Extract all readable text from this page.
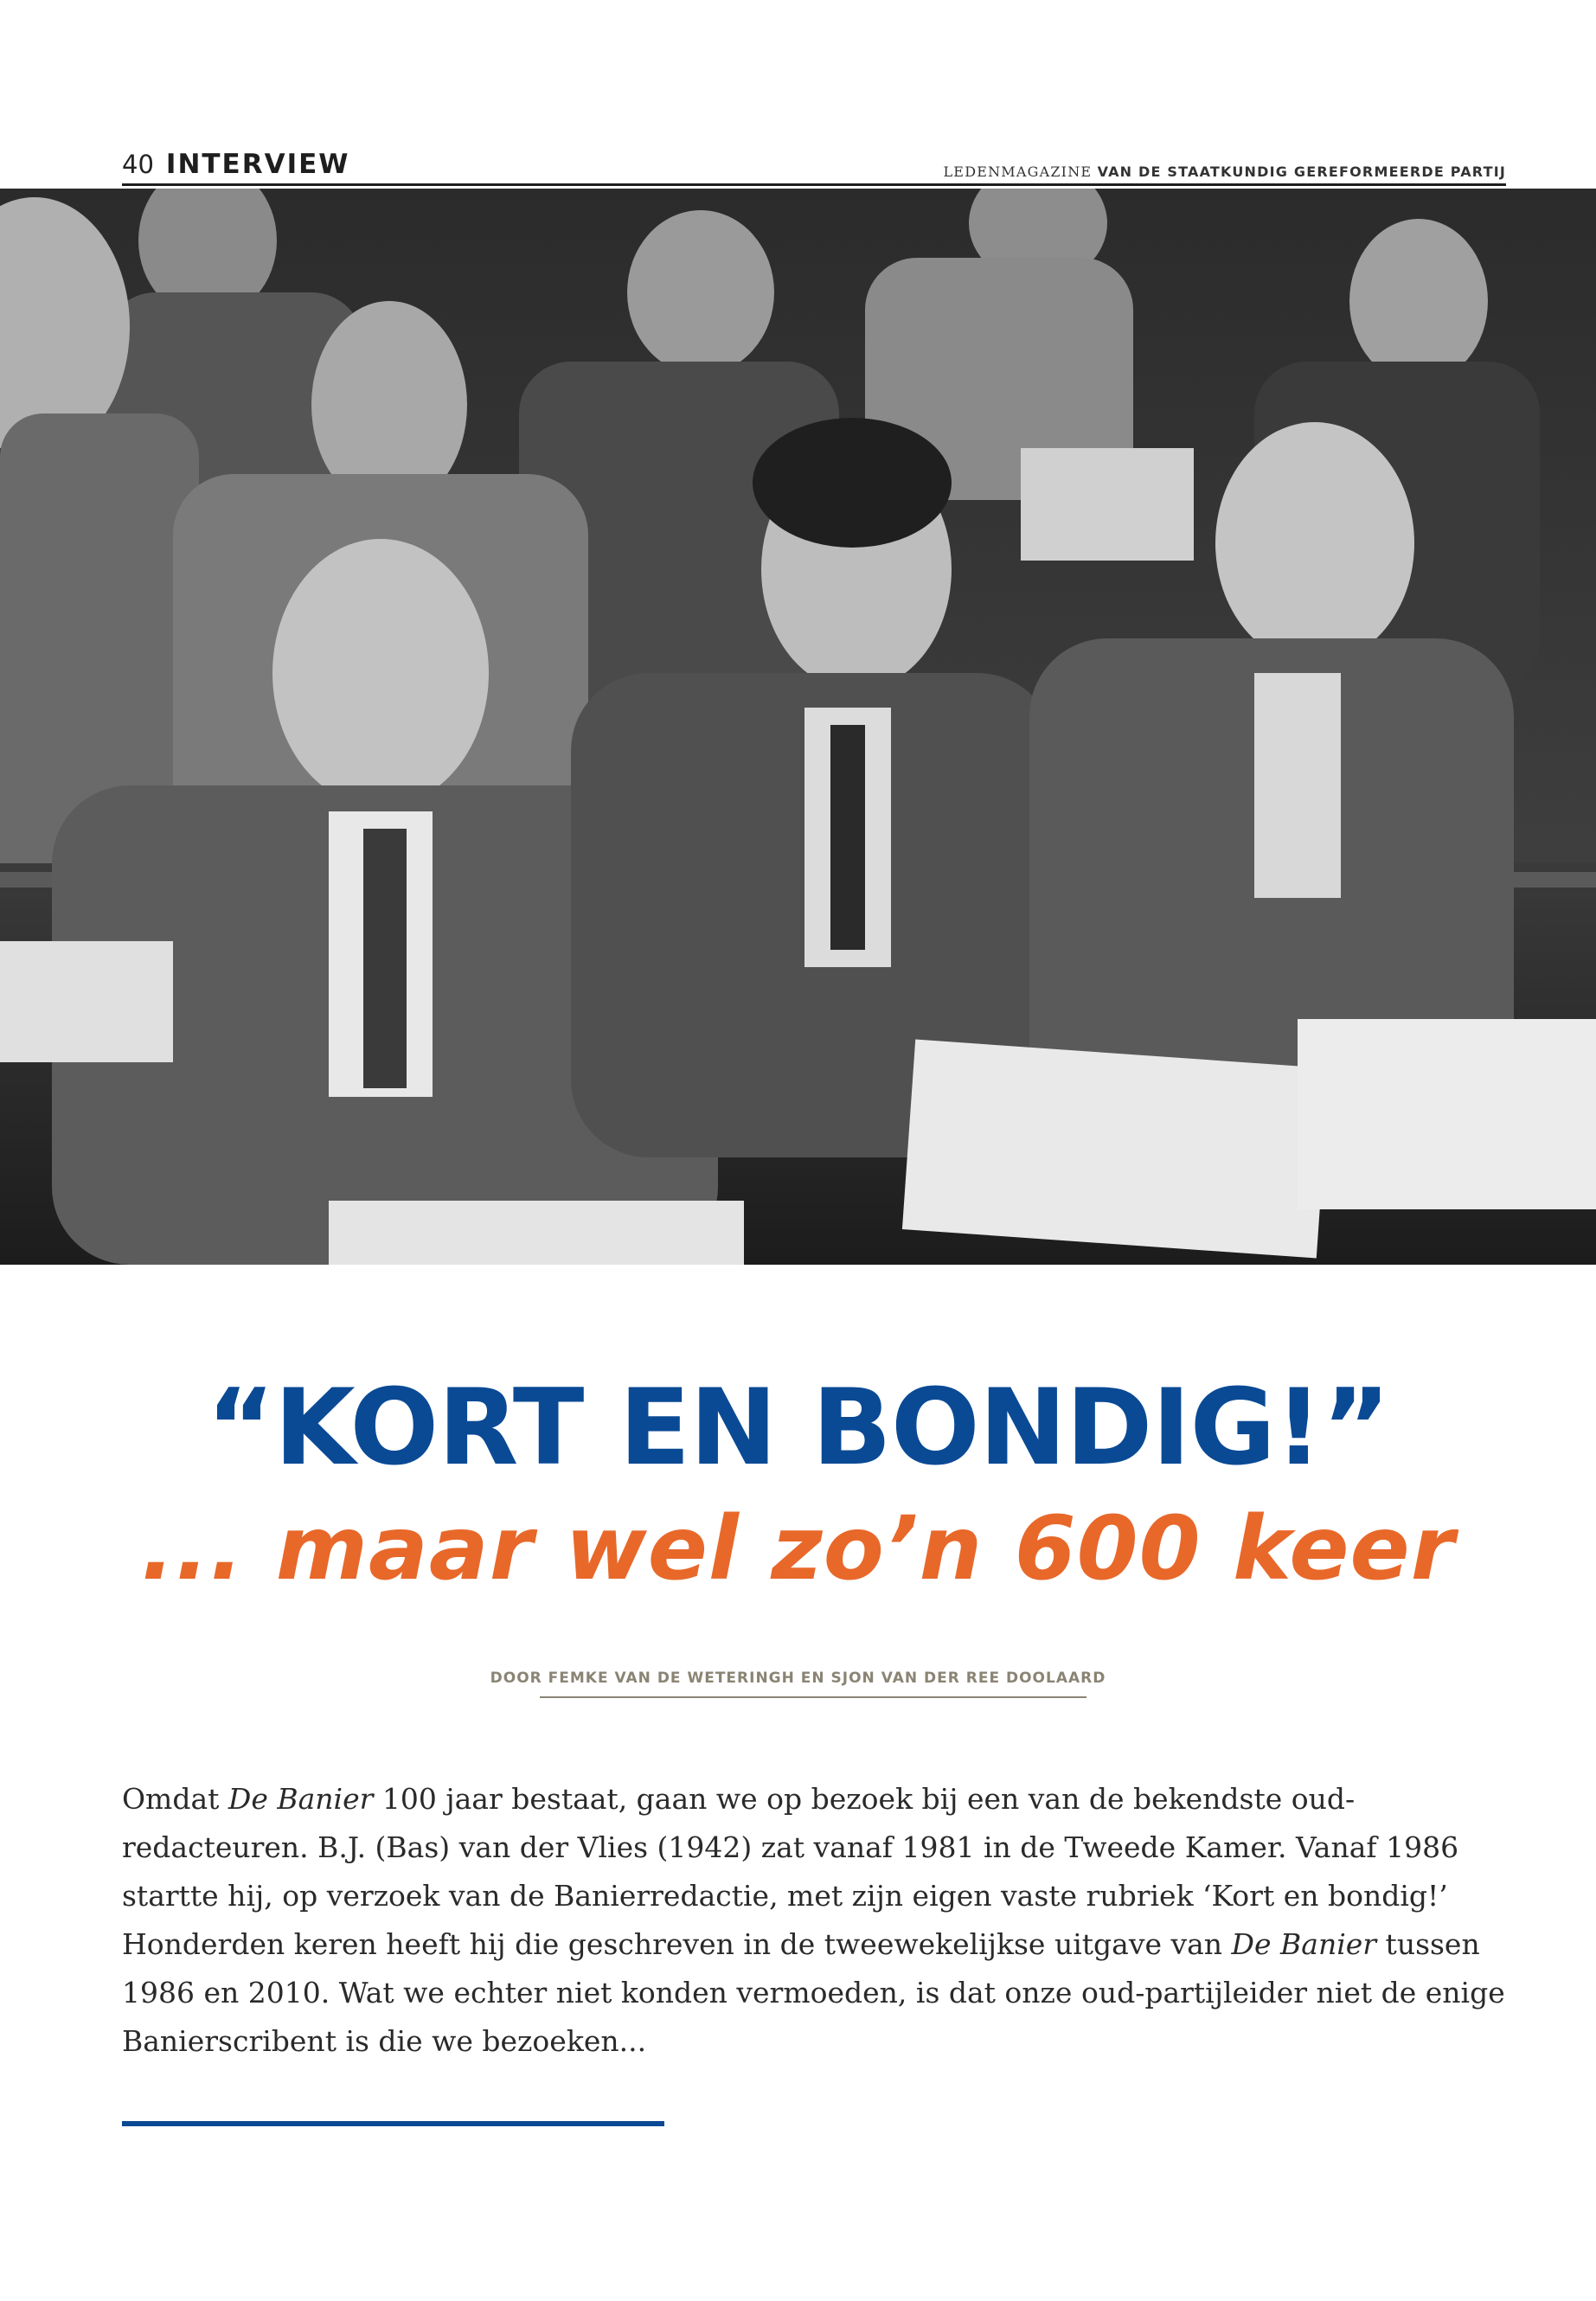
40 INTERVIEW	LEDENMAGAZINE VAN DE STAATKUNDIG GEREFORMEERDE PARTIJ
“KORT EN BONDIG!”
... maar wel zo’n 600 keer
DOOR FEMKE VAN DE WETERINGH EN SJON VAN DER REE DOOLAARD

Omdat De Banier 100 jaar bestaat, gaan we op bezoek bij een van de bekendste oud-
redacteuren. B.J. (Bas) van der Vlies (1942) zat vanaf 1981 in de Tweede Kamer. Vanaf 1986
startte hij, op verzoek van de Banierredactie, met zijn eigen vaste rubriek ‘Kort en bondig!’
Honderden keren heeft hij die geschreven in de tweewekelijkse uitgave van De Banier tussen
1986 en 2010. Wat we echter niet konden vermoeden, is dat onze oud-partijleider niet de enige
Banierscribent is die we bezoeken...
